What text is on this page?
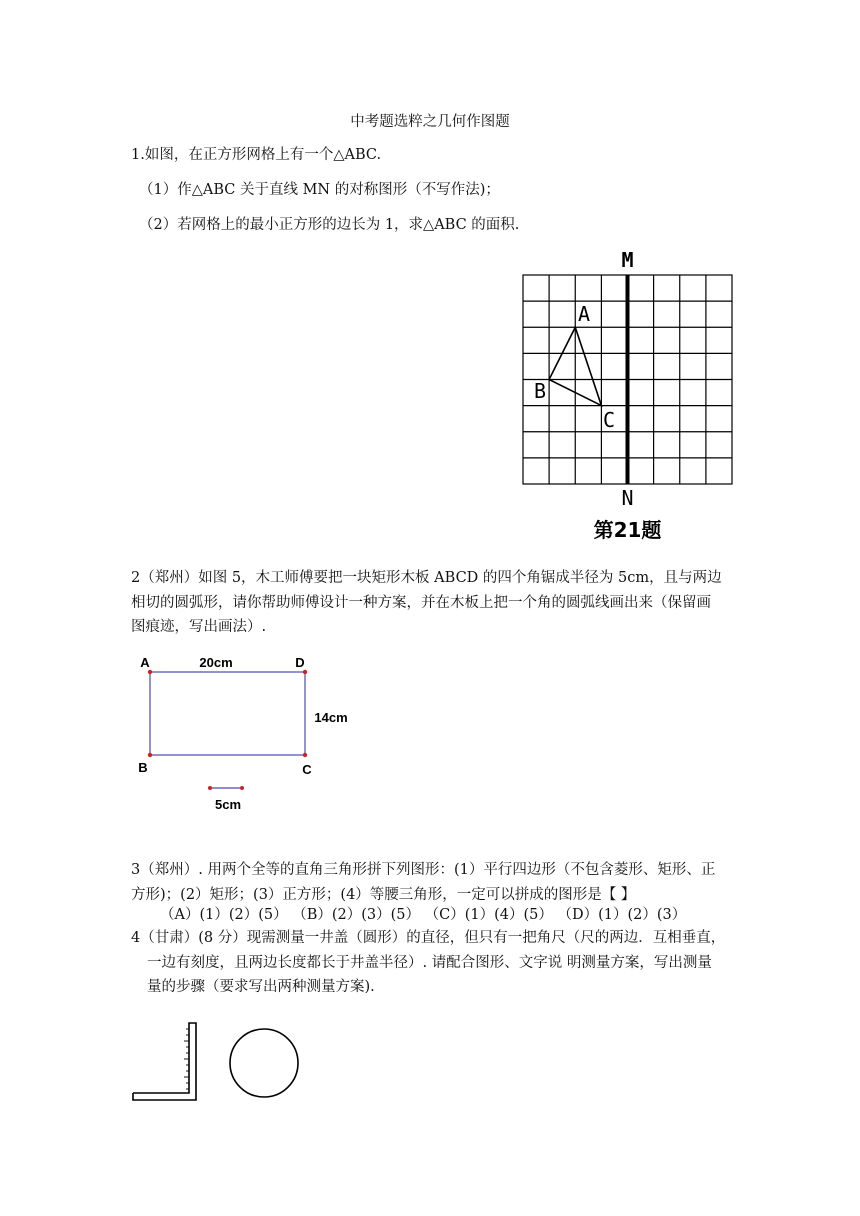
中考题选粹之几何作图题
1.如图，在正方形网格上有一个△ABC.
（1）作△ABC 关于直线 MN 的对称图形（不写作法)；
（2）若网格上的最小正方形的边长为 1，求△ABC 的面积.
M
N
A
B
C
第21题
2（郑州）如图 5，木工师傅要把一块矩形木板 ABCD 的四个角锯成半径为 5cm，且与两边
相切的圆弧形，请你帮助师傅设计一种方案，并在木板上把一个角的圆弧线画出来（保留画
图痕迹，写出画法）.
A	D
B	C
20cm
14cm
5cm
3（郑州）. 用两个全等的直角三角形拼下列图形：(1）平行四边形（不包含菱形、矩形、正
方形)；(2）矩形；(3）正方形；(4）等腰三角形，一定可以拼成的图形是【 】
（A）(1）(2）(5） （B）(2）(3）(5） （C）(1）(4）(5） （D）(1）(2）(3）
4（甘肃）(8 分）现需测量一井盖（圆形）的直径，但只有一把角尺（尺的两边．互相垂直，
一边有刻度，且两边长度都长于井盖半径）. 请配合图形、文字说 明测量方案，写出测量
量的步骤（要求写出两种测量方案).
